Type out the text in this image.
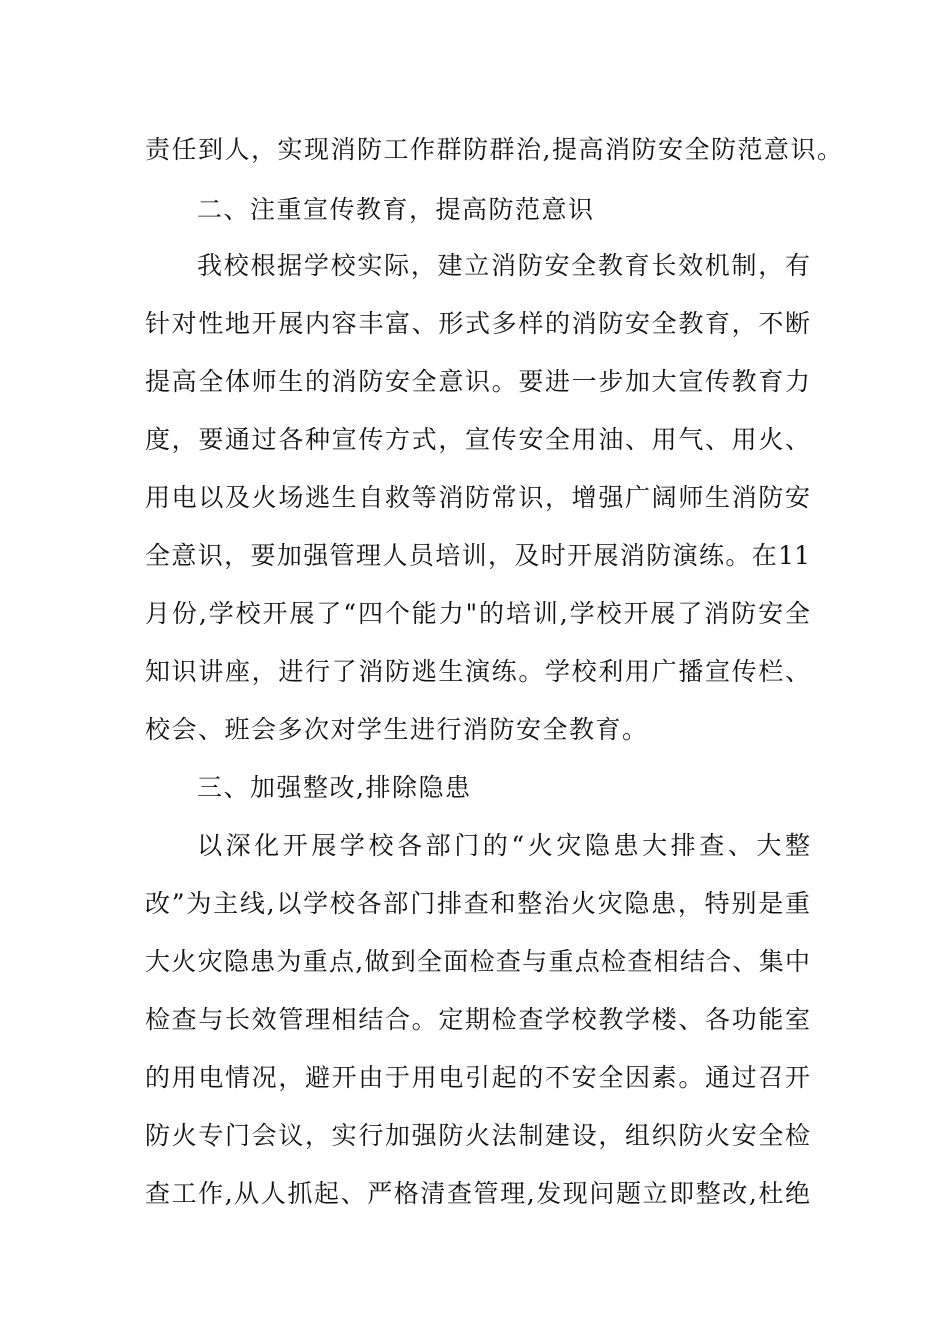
责任到人，实现消防工作群防群治,提高消防安全防范意识。
二、注重宣传教育，提高防范意识
我校根据学校实际，建立消防安全教育长效机制，有
针对性地开展内容丰富、形式多样的消防安全教育，不断
提高全体师生的消防安全意识。要进一步加大宣传教育力
度，要通过各种宣传方式，宣传安全用油、用气、用火、
用电以及火场逃生自救等消防常识，增强广阔师生消防安
全意识，要加强管理人员培训，及时开展消防演练。在11
月份,学校开展了“四个能力"的培训,学校开展了消防安全
知识讲座，进行了消防逃生演练。学校利用广播宣传栏、
校会、班会多次对学生进行消防安全教育。
三、加强整改,排除隐患
以深化开展学校各部门的“火灾隐患大排查、大整
改”为主线,以学校各部门排查和整治火灾隐患，特别是重
大火灾隐患为重点,做到全面检查与重点检查相结合、集中
检查与长效管理相结合。定期检查学校教学楼、各功能室
的用电情况，避开由于用电引起的不安全因素。通过召开
防火专门会议，实行加强防火法制建设，组织防火安全检
查工作,从人抓起、严格清查管理,发现问题立即整改,杜绝
